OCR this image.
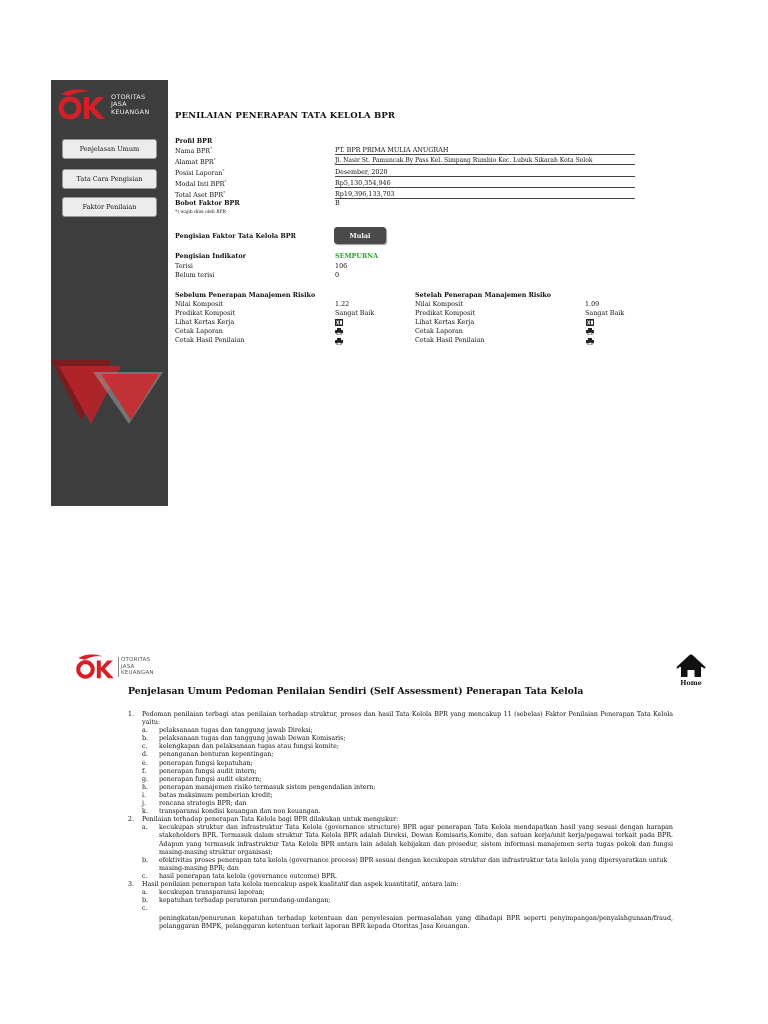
OTORITAS
JASA
KEUANGAN
Penjelasan Umum
Tata Cara Pengisian
Faktor Penilaian
PENILAIAN PENERAPAN TATA KELOLA BPR
Profil BPR
Nama BPR*	PT. BPR PRIMA MULIA ANUGRAH
Alamat BPR*	Jl. Nasir St. Pamuncak By Pass Kel. Simpang Rumbio Kec. Lubuk Sikarah Kota Solok
Posisi Laporan*	Desember, 2020
Modal Inti BPR*	Rp5,130,354,946
Total Aset BPR*	Rp19,396,133,703
Bobot Faktor BPR	B
*) wajib diisi oleh BPR
Pengisian Faktor Tata Kelola BPR	Mulai
Pengisian Indikator	SEMPURNA
Terisi	106
Belum terisi	0
Sebelum Penerapan Manajemen Risiko
Nilai Komposit	1.22
Predikat Komposit	Sangat Baik
Lihat Kertas Kerja
Cetak Laporan
Cetak Hasil Penilaian
Setelah Penerapan Manajemen Risiko
Nilai Komposit	1.09
Predikat Komposit	Sangat Baik
Lihat Kertas Kerja
Cetak Laporan
Cetak Hasil Penilaian
OTORITAS
JASA
KEUANGAN
Home
Penjelasan Umum Pedoman Penilaian Sendiri (Self Assessment) Penerapan Tata Kelola
1. Pedoman penilaian terbagi atas penilaian terhadap struktur, proses dan hasil Tata Kelola BPR yang mencakup 11 (sebelas) Faktor Penilaian Penerapan Tata Kelola yaitu:
a. pelaksanaan tugas dan tanggung jawab Direksi;
b. pelaksanaan tugas dan tanggung jawab Dewan Komisaris;
c. kelengkapan dan pelaksanaan tugas atau fungsi komite;
d. penanganan benturan kepentingan;
e. penerapan fungsi kepatuhan;
f. penerapan fungsi audit intern;
g. penerapan fungsi audit ekstern;
h. penerapan manajemen risiko termasuk sistem pengendalian intern;
i. batas maksimum pemberian kredit;
j. rencana strategis BPR; dan
k. transparansi kondisi keuangan dan non keuangan.
2. Penilaian terhadap penerapan Tata Kelola bagi BPR dilakukan untuk mengukur:
a. kecukupan struktur dan infrastruktur Tata Kelola (governance structure) BPR agar penerapan Tata Kelola mendapatkan hasil yang sesuai dengan harapan stakeholders BPR. Termasuk dalam struktur Tata Kelola BPR adalah Direksi, Dewan Komisaris,Komite, dan satuan kerja/unit kerja/pegawai terkait pada BPR. Adapun yang termasuk infrastruktur Tata Kelola BPR antara lain adalah kebijakan dan prosedur, sistem informasi manajemen serta tugas pokok dan fungsi masing-masing struktur organisasi;
b. efektivitas proses penerapan tata kelola (governance process) BPR sesuai dengan kecukupan struktur dan infrastruktur tata kelola yang dipersyaratkan untuk masing-masing BPR; dan
c. hasil penerapan tata kelola (governance outcome) BPR.
3. Hasil penilaian penerapan tata kelola mencakup aspek kualitatif dan aspek kuantitatif, antara lain:
a. kecukupan transparansi laporan;
b. kepatuhan terhadap peraturan perundang-undangan;
c.

peningkatan/penurunan kepatuhan terhadap ketentuan dan penyelesaian permasalahan yang dihadapi BPR seperti penyimpangan/penyalahgunaan/fraud, pelanggaran BMPK, pelanggaran ketentuan terkait laporan BPR kepada Otoritas Jasa Keuangan.
